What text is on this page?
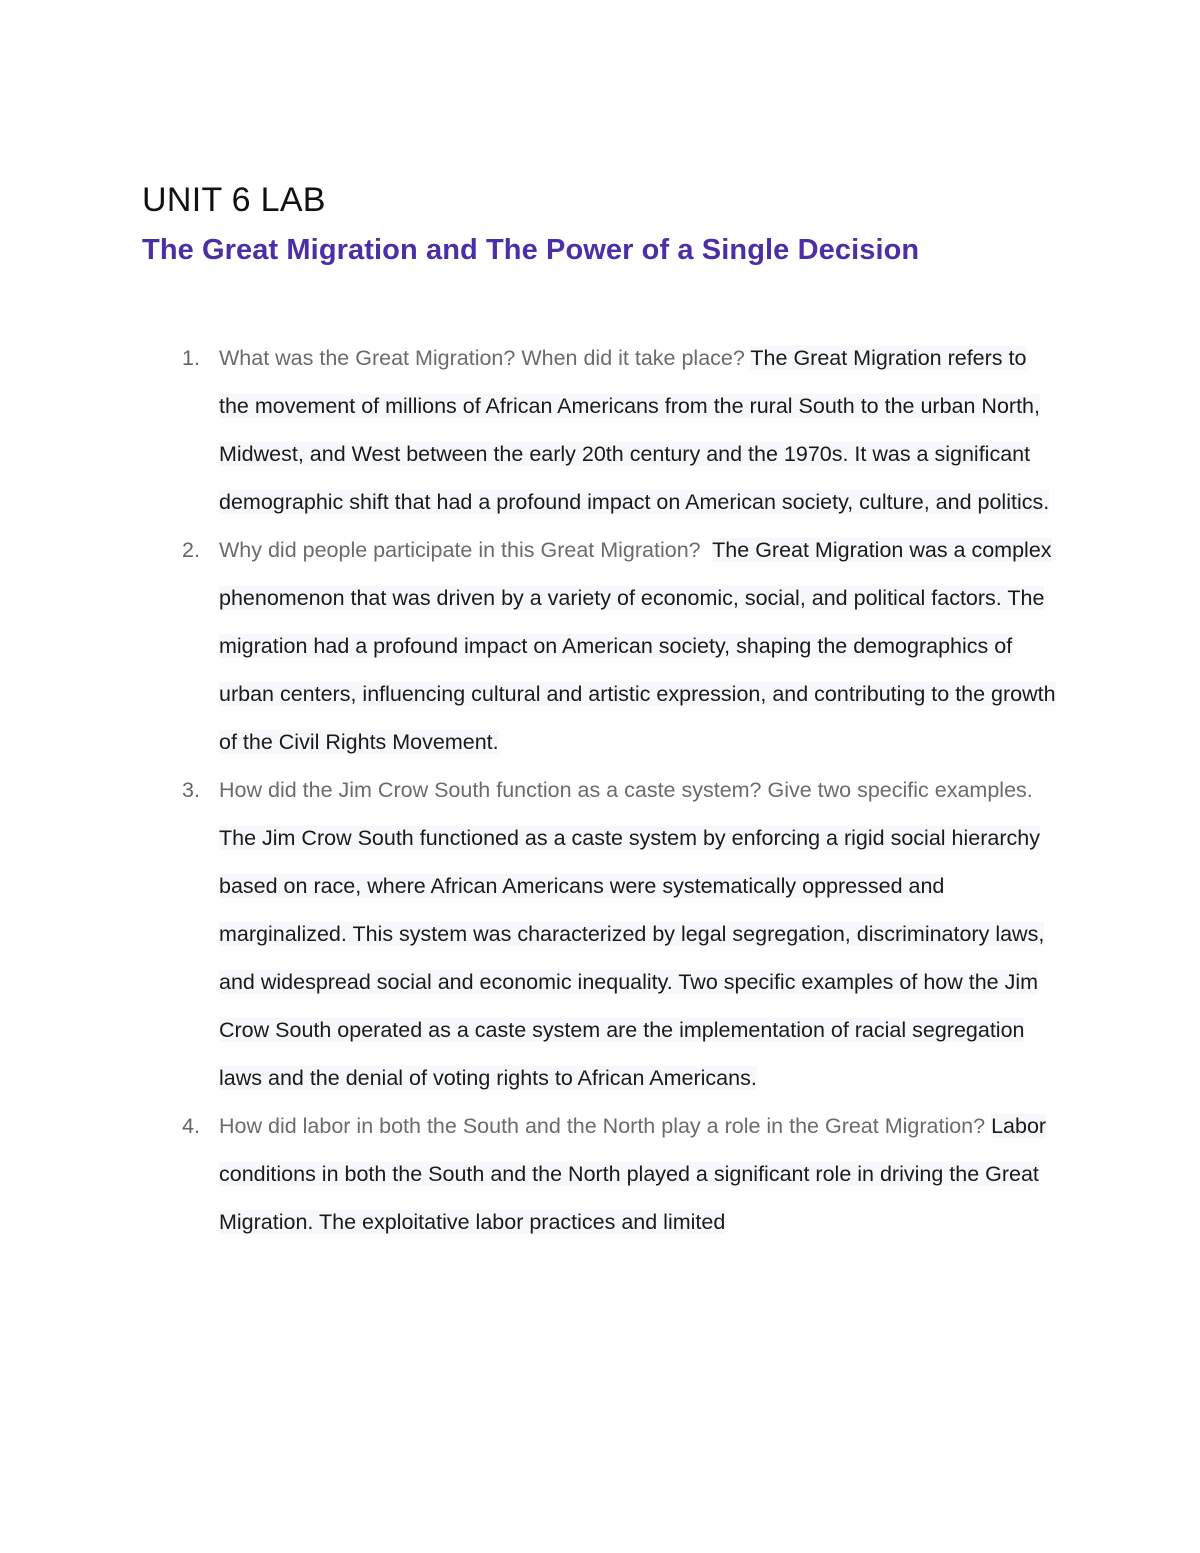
UNIT 6 LAB
The Great Migration and The Power of a Single Decision
1. What was the Great Migration? When did it take place? The Great Migration refers to the movement of millions of African Americans from the rural South to the urban North, Midwest, and West between the early 20th century and the 1970s. It was a significant demographic shift that had a profound impact on American society, culture, and politics.
2. Why did people participate in this Great Migration? The Great Migration was a complex phenomenon that was driven by a variety of economic, social, and political factors. The migration had a profound impact on American society, shaping the demographics of urban centers, influencing cultural and artistic expression, and contributing to the growth of the Civil Rights Movement.
3. How did the Jim Crow South function as a caste system? Give two specific examples. The Jim Crow South functioned as a caste system by enforcing a rigid social hierarchy based on race, where African Americans were systematically oppressed and marginalized. This system was characterized by legal segregation, discriminatory laws, and widespread social and economic inequality. Two specific examples of how the Jim Crow South operated as a caste system are the implementation of racial segregation laws and the denial of voting rights to African Americans.
4. How did labor in both the South and the North play a role in the Great Migration? Labor conditions in both the South and the North played a significant role in driving the Great Migration. The exploitative labor practices and limited
